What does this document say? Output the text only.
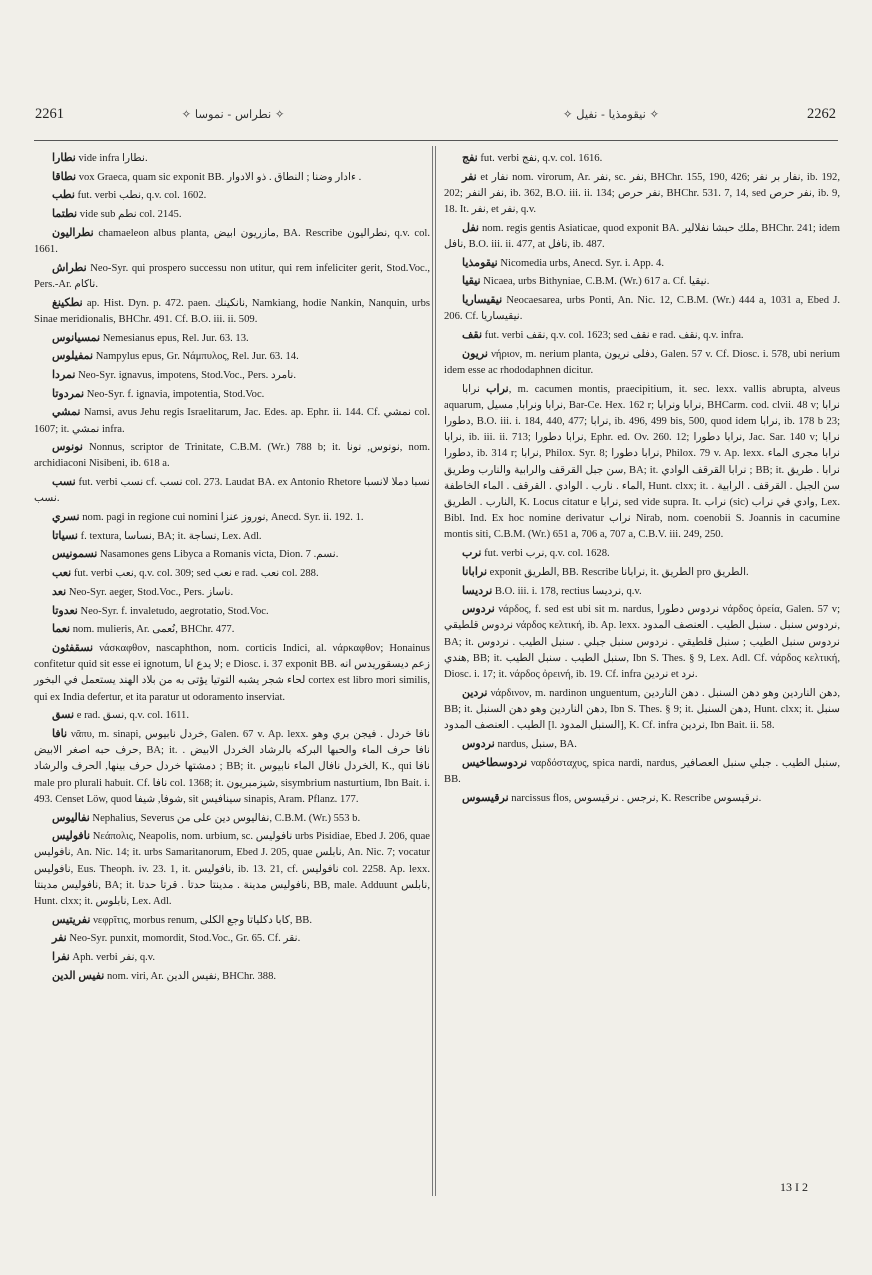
2261	✧ نطراس - نموسا ✧	✧ نيقومذيا - نفيل ✧	2262

نطارا vide infra نطارا.

نطاقا vox Graeca, quam sic exponit BB. ءادار وضنا ; النطاق . ذو الادوار .

نطب fut. verbi نطب, q.v. col. 1602.

نطتما vide sub نطم col. 2145.

نطراليون chamaeleon albus planta, مازريون ابيض, BA. Rescribe نطراليون, q.v. col. 1661.

نطراش Neo-Syr. qui prospero successu non utitur, qui rem infeliciter gerit, Stod.Voc., Pers.-Ar. ناكام.

نطكينغ ap. Hist. Dyn. p. 472. paen. نانكينك, Namkiang, hodie Nankin, Nanquin, urbs Sinae meridionalis, BHChr. 491. Cf. B.O. iii. ii. 509.

نمسيانوس Nemesianus epus, Rel. Jur. 63. 13.

نمفيلوس Nampylus epus, Gr. Νάμπυλος, Rel. Jur. 63. 14.

نمردا Neo-Syr. ignavus, impotens, Stod.Voc., Pers. نامرد.

نمردوتا Neo-Syr. f. ignavia, impotentia, Stod.Voc.

نمشي Namsi, avus Jehu regis Israelitarum, Jac. Edes. ap. Ephr. ii. 144. Cf. نمشي col. 1607; it. نمشي infra.

نونوس Nonnus, scriptor de Trinitate, C.B.M. (Wr.) 788 b; it. نونوس, نونا, nom. archidiaconi Nisibeni, ib. 618 a.

نسب fut. verbi نسب cf. نسب col. 273. Laudat BA. ex Antonio Rhetore نسبا دملا لانسبا نسب.

نسري nom. pagi in regione cui nomini نوروز عنزا, Anecd. Syr. ii. 192. 1.

نسياتا f. textura, نساسا, BA; it. نساجة, Lex. Adl.

نسمونيس Nasamones gens Libyca a Romanis victa, Dion. نسم. 7.

نعب fut. verbi نعب, q.v. col. 309; sed نعب e rad. نعب col. 288.

نعد Neo-Syr. aeger, Stod.Voc., Pers. ناساز.

نعدوتا Neo-Syr. f. invaletudo, aegrotatio, Stod.Voc.

نعما nom. mulieris, Ar. نُعمى, BHChr. 477.

نسقفثون νάσκαφθον, nascaphthon, nom. corticis Indici, al. νάρκαφθον; Honainus confitetur quid sit esse ei ignotum, لا يدع انا; e Diosc. i. 37 exponit BB. زعم ديسقوريدس انه لحاء شجر يشبه التوتيا يؤتى به من بلاد الهند يستعمل في البخور cortex est libro mori similis, qui ex India defertur, et ita paratur ut odoramento inserviat.

نسق e rad. نسق, q.v. col. 1611.

نافا νᾶπυ, m. sinapi, خردل نابيوس, Galen. 67 v. Ap. lexx. نافا خردل . فيجن بري وهو حرف حبه اصغر الابيض, BA; it. نافا حرف الماء والحبها البركه بالرشاد الخردل الابيض . دمشتها خردل حرف بينها, الحرف والرشاد ; BB; it. الخردل نافال الماء نابيوس, K., qui نافا male pro plurali habuit. Cf. نافا col. 1368; it. شيزمبريون, sisymbrium nasturtium, Ibn Bait. i. 493. Censet Löw, quod شوفا, شيفا, sit سينافيس sinapis, Aram. Pflanz. 177.

نفاليوس Nephalius, Severus نفاليوس دين على من, C.B.M. (Wr.) 553 b.

نافوليس Νεάπολις, Neapolis, nom. urbium, sc. نافوليس urbs Pisidiae, Ebed J. 206, quae نافوليس, An. Nic. 14; it. urbs Samaritanorum, Ebed J. 205, quae نابلس, An. Nic. 7; vocatur نافوليس, Eus. Theoph. iv. 23. 1, it. نافوليس, ib. 13. 21, cf. نافوليس col. 2258. Ap. lexx. نافوليس مدينتا, BA; it. نافوليس مدينة . مدينتا حدتا . قرتا حدتا, BB, male. Adduunt نابلس, Hunt. clxx; it. نابلوس, Lex. Adl.

نفريتيس νεφρῖτις, morbus renum, كابا دكلياتا وجع الكلى, BB.

نفر Neo-Syr. punxit, momordit, Stod.Voc., Gr. 65. Cf. نقر.

نفرا Aph. verbi نفر, q.v.

نفيس الدين nom. viri, Ar. نفيس الدين, BHChr. 388.

نفج fut. verbi نفج, q.v. col. 1616.

نفر et نفار nom. virorum, Ar. نفر, sc. نفر, BHChr. 155, 190, 426; نفار بر نفر, ib. 192, 202; نفر النفر, ib. 362, B.O. iii. ii. 134; نفر حرص, BHChr. 531. 7, 14, sed نفر حرص, ib. 9, 18. It. نفر, et نفر, q.v.

نفل nom. regis gentis Asiaticae, quod exponit BA. ملك حبشا نفلالير, BHChr. 241; idem نافل, B.O. iii. ii. 477, at نافل, ib. 487.

نيقومذيا Nicomedia urbs, Anecd. Syr. i. App. 4.

نيقيا Nicaea, urbs Bithyniae, C.B.M. (Wr.) 617 a. Cf. نيقيا.

نيقيساريا Neocaesarea, urbs Ponti, An. Nic. 12, C.B.M. (Wr.) 444 a, 1031 a, Ebed J. 206. Cf. نيقيساريا.

نقف fut. verbi نقف, q.v. col. 1623; sed نقف e rad. نقف, q.v. infra.

نريون νήριον, m. nerium planta, دفلى نريون, Galen. 57 v. Cf. Diosc. i. 578, ubi nerium idem esse ac rhododaphnen dicitur.

نراب نرابا, m. cacumen montis, praecipitium, it. sec. lexx. vallis abrupta, alveus aquarum, نرابا ونرابا, مسيل, Bar-Ce. Hex. 162 r; نرابا ونرابا, BHCarm. cod. clvii. 48 v; نرابا دطورا, B.O. iii. i. 184, 440, 477; نرابا, ib. 496, 499 bis, 500, quod idem نرابا, ib. 178 b 23; نرابا, ib. iii. ii. 713; نرابا دطورا, Ephr. ed. Ov. 260. 12; نرابا دطورا, Jac. Sar. 140 v; نرابا دطورا, ib. 314 r; نرابا, Philox. Syr. 8; نرابا دطورا, Philox. 79 v. Ap. lexx. نرابا مجرى الماء سن جبل القرقف والرابية والنارب وطريق, BA; it. نرابا القرقف الوادي ; BB; it. نرابا . طريق الماء . نارب . الوادي . القرقف . الماء الخاطفة, Hunt. clxx; it. سن الجبل . القرقف . الرابية . النارب . الطريق, K. Locus citatur e نرابا, sed vide supra. It. نراب (sic) وادي في نراب, Lex. Bibl. Ind. Ex hoc nomine derivatur نراب Nirab, nom. coenobii S. Joannis in cacumine montis siti, C.B.M. (Wr.) 651 a, 706 a, 707 a, C.B.V. iii. 249, 250.

نرب fut. verbi نرب, q.v. col. 1628.

نرابانا exponit الطريق, BB. Rescribe نرابانا, it. الطريق pro الطريق.

نرديسا B.O. iii. i. 178, rectius نرديسا, q.v.

نردوس νάρδος, f. sed est ubi sit m. nardus, نردوس دطورا νάρδος ὀρεία, Galen. 57 v; نردوس قلطيقي νάρδος κελτική, ib. Ap. lexx. نردوس سنبل . سنبل الطيب . العنصف المدود, BA; it. نردوس سنبل الطيب ; سنبل قلطيقي . نردوس سنبل جبلي . سنبل الطيب . نردوس هندي, BB; it. سنبل الطيب . سنبل الطيب, Ibn S. Thes. § 9, Lex. Adl. Cf. νάρδος κελτική, Diosc. i. 17; it. νάρδος ὀρεινή, ib. 19. Cf. infra نردين et نرد.

نردين νάρδινον, m. nardinon unguentum, دهن الناردين وهو دهن السنبل . دهن الناردين, BB; it. دهن الناردين وهو دهن السنبل, Ibn S. Thes. § 9; it. دهن السنبل, Hunt. clxx; it. سنبل الطيب . العنصف المدود [l. السنبل المدود], K. Cf. infra نردين, Ibn Bait. ii. 58.

نردوس nardus, سنبل, BA.

نردوسطاخيس ναρδόσταχυς, spica nardi, nardus, سنبل الطيب . جبلي سنبل العصافير, BB.

نرقيسوس narcissus flos, نرجس . نرقيسوس, K. Rescribe نرقيسوس.

13 I 2
